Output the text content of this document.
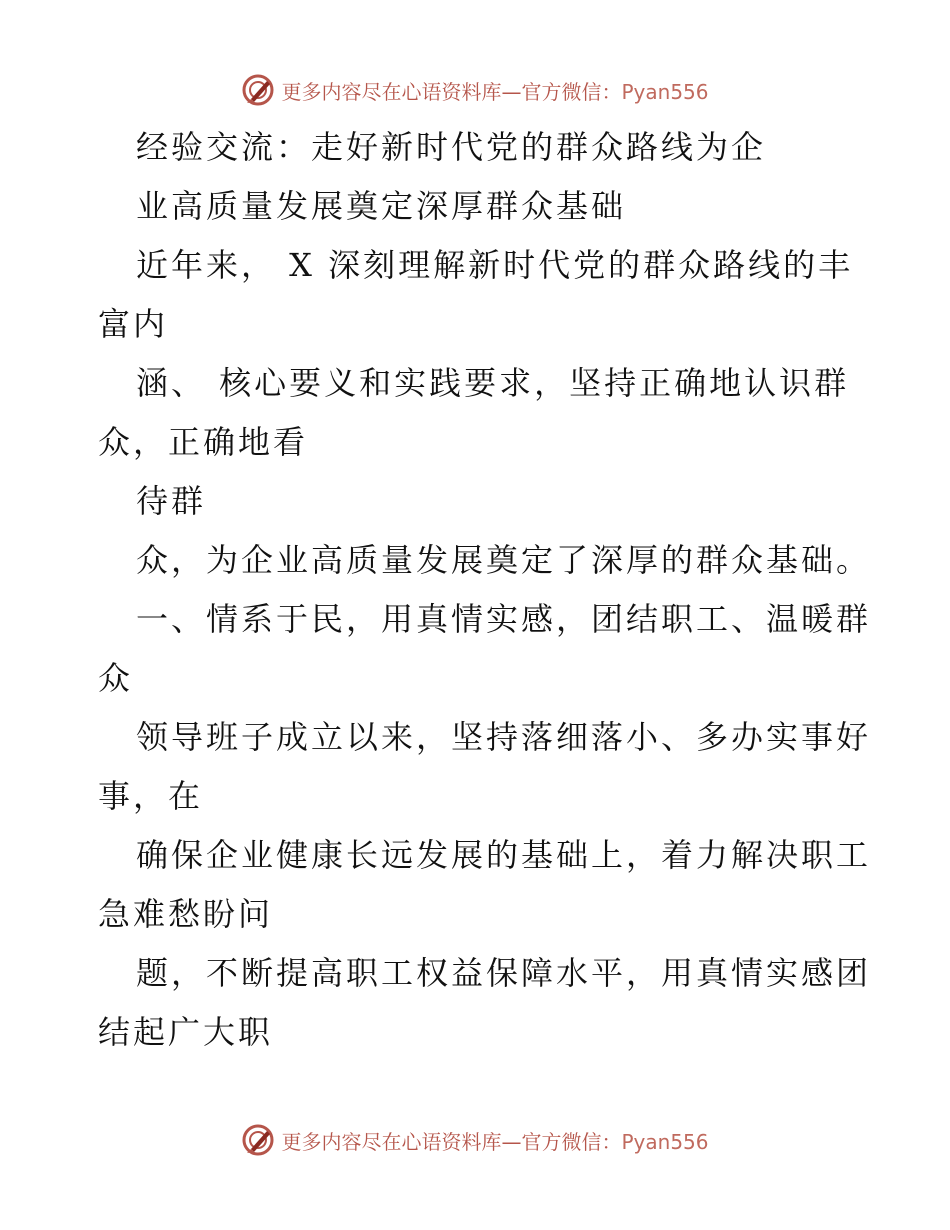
更多内容尽在心语资料库—官方微信：Pyan556
经验交流：走好新时代党的群众路线为企
业高质量发展奠定深厚群众基础
近年来， X 深刻理解新时代党的群众路线的丰
富内
涵、 核心要义和实践要求，坚持正确地认识群
众，正确地看
待群
众，为企业高质量发展奠定了深厚的群众基础。
一、情系于民，用真情实感，团结职工、温暖群
众
领导班子成立以来，坚持落细落小、多办实事好
事，在
确保企业健康长远发展的基础上，着力解决职工
急难愁盼问
题，不断提高职工权益保障水平，用真情实感团
结起广大职
更多内容尽在心语资料库—官方微信：Pyan556
